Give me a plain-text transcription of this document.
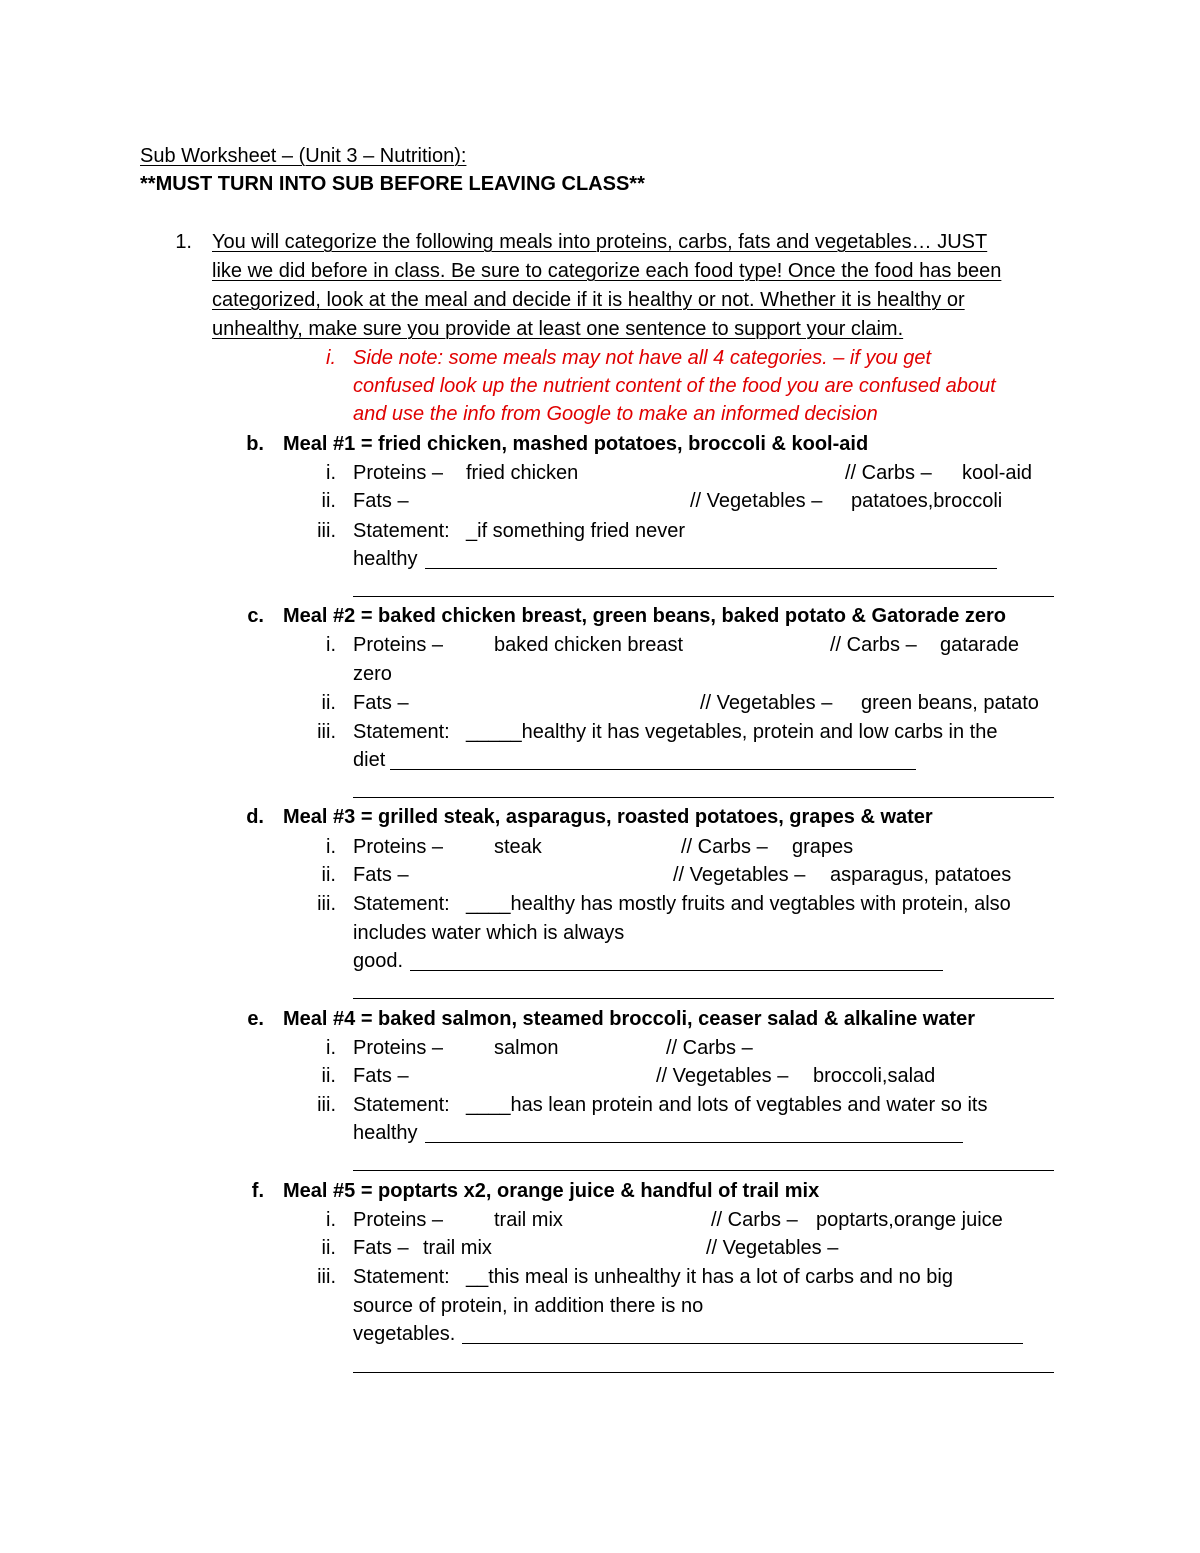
Sub Worksheet – (Unit 3 – Nutrition):
**MUST TURN INTO SUB BEFORE LEAVING CLASS**
1. You will categorize the following meals into proteins, carbs, fats and vegetables… JUST
like we did before in class. Be sure to categorize each food type! Once the food has been
categorized, look at the meal and decide if it is healthy or not. Whether it is healthy or
unhealthy, make sure you provide at least one sentence to support your claim.
i. Side note: some meals may not have all 4 categories. – if you get
confused look up the nutrient content of the food you are confused about
and use the info from Google to make an informed decision
b. Meal #1 = fried chicken, mashed potatoes, broccoli & kool-aid
i. Proteins – fried chicken	// Carbs – kool-aid
ii. Fats –	// Vegetables – patatoes,broccoli
iii. Statement: _if something fried never
healthy
c. Meal #2 = baked chicken breast, green beans, baked potato & Gatorade zero
i. Proteins –	baked chicken breast	// Carbs – gatarade
zero
ii. Fats –	// Vegetables – green beans, patato
iii. Statement: _____healthy it has vegetables, protein and low carbs in the
diet
d. Meal #3 = grilled steak, asparagus, roasted potatoes, grapes & water
i. Proteins –	steak	// Carbs – grapes
ii. Fats –	// Vegetables – asparagus, patatoes
iii. Statement: ____healthy has mostly fruits and vegtables with protein, also
includes water which is always
good.
e. Meal #4 = baked salmon, steamed broccoli, ceaser salad & alkaline water
i. Proteins –	salmon	// Carbs –
ii. Fats –	// Vegetables – broccoli,salad
iii. Statement: ____has lean protein and lots of vegtables and water so its
healthy
f. Meal #5 = poptarts x2, orange juice & handful of trail mix
i. Proteins –	trail mix	// Carbs – poptarts,orange juice
ii. Fats – trail mix	// Vegetables –
iii. Statement: __this meal is unhealthy it has a lot of carbs and no big
source of protein, in addition there is no
vegetables.
